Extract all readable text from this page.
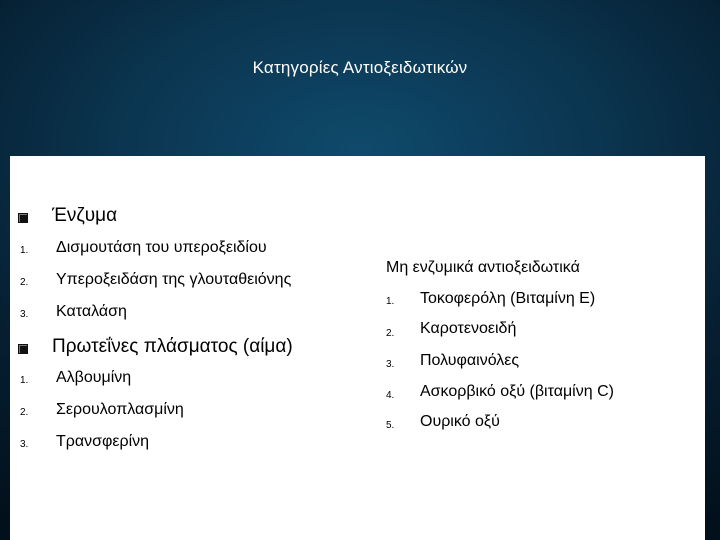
Κατηγορίες Αντιοξειδωτικών
Ένζυμα
1. Δισμουτάση του υπεροξειδίου
2. Υπεροξειδάση της γλουταθειόνης
3. Καταλάση
Πρωτεΐνες πλάσματος (αίμα)
1. Αλβουμίνη
2. Σερουλοπλασμίνη
3. Τρανσφερίνη
Μη ενζυμικά αντιοξειδωτικά
1. Τοκοφερόλη (Βιταμίνη Ε)
2. Καροτενοειδή
3. Πολυφαινόλες
4. Ασκορβικό οξύ (βιταμίνη C)
5. Ουρικό οξύ
